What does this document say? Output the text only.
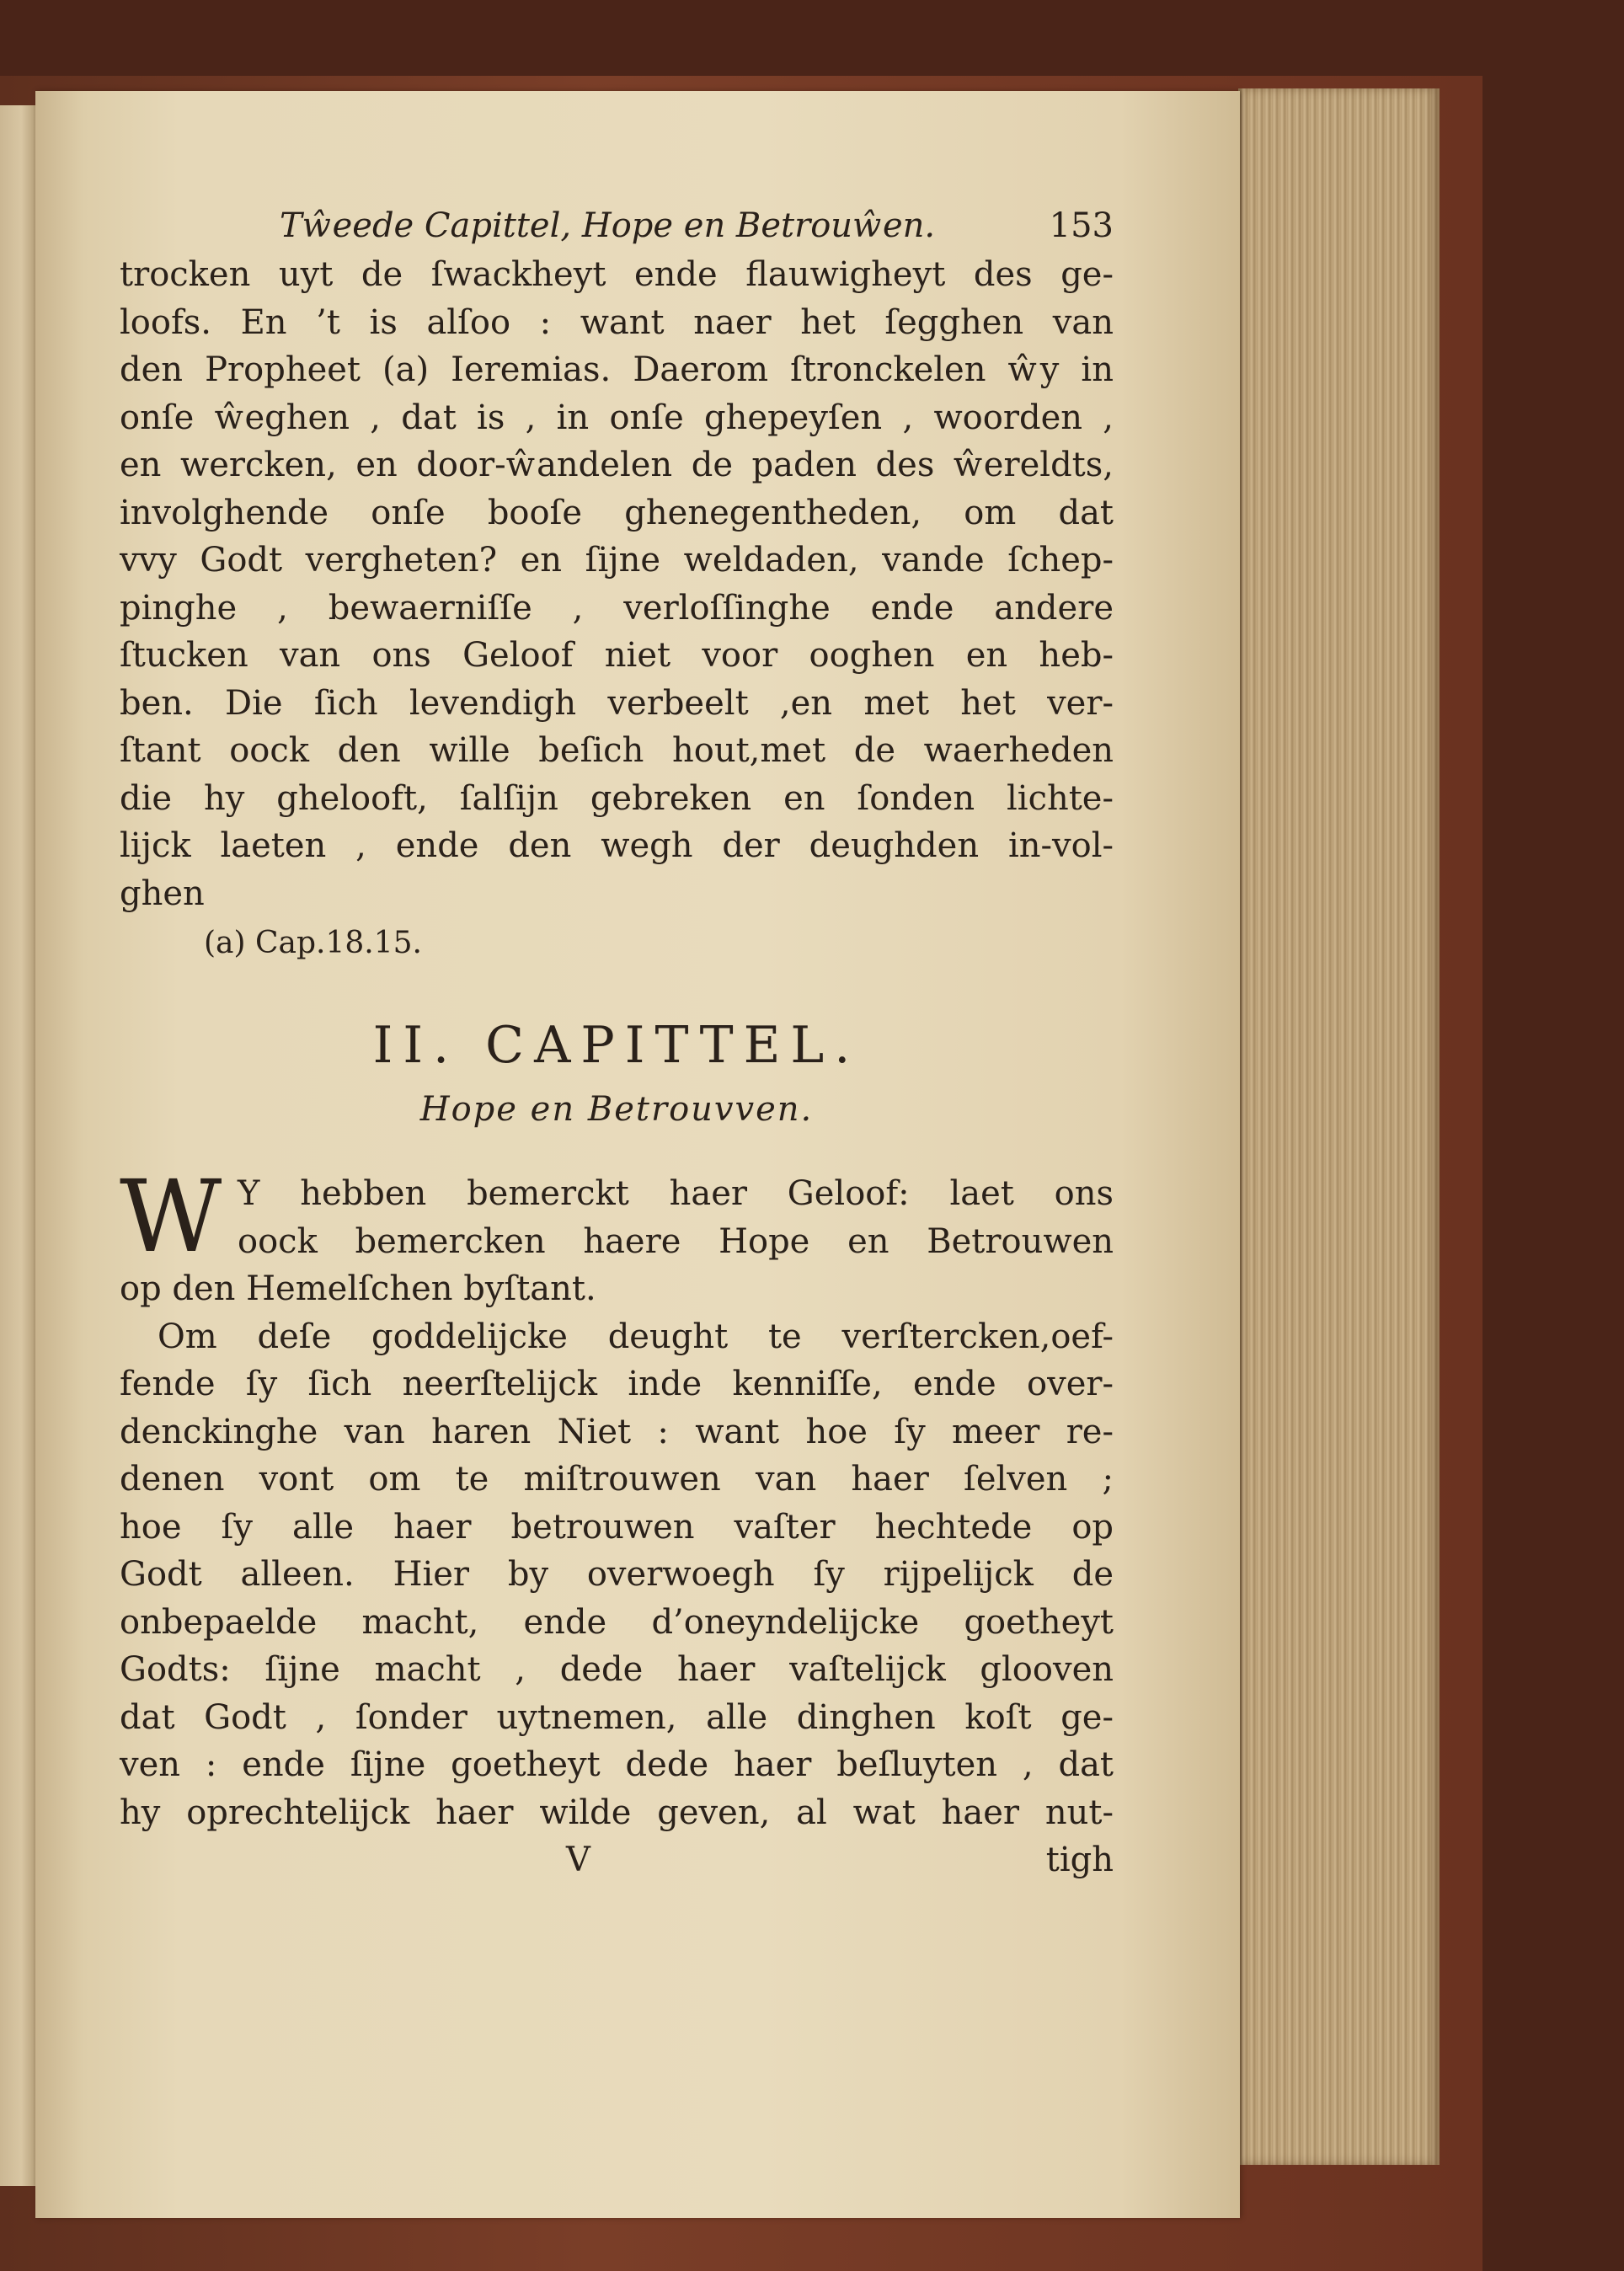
Tŵeede Capittel, Hope en Betrouŵen.	153
trocken uyt de ſwackheyt ende flauwigheyt des ge-
loofs. En ’t is alſoo : want naer het ſegghen van
den Propheet (a) Ieremias. Daerom ſtronckelen ŵy in
onſe ŵeghen , dat is , in onſe ghepeyſen , woorden ,
en wercken, en door-ŵandelen de paden des ŵereldts,
involghende onſe booſe ghenegentheden, om dat
vvy Godt vergheten? en ſijne weldaden, vande ſchep-
pinghe , bewaerniſſe , verloſſinghe ende andere
ſtucken van ons Geloof niet voor ooghen en heb-
ben. Die ſich levendigh verbeelt ,en met het ver-
ſtant oock den wille beſich hout,met de waerheden
die hy ghelooft, ſalſijn gebreken en ſonden lichte-
lijck laeten , ende den wegh der deughden in-vol-
ghen
(a) Cap.18.15.
II. CAPITTEL.
Hope en Betrouvven.
W Y hebben bemerckt haer Geloof: laet ons
oock bemercken haere Hope en Betrouwen
op den Hemelſchen byſtant.
Om deſe goddelijcke deught te verſtercken,oef-
fende ſy ſich neerſtelijck inde kenniſſe, ende over-
denckinghe van haren Niet : want hoe ſy meer re-
denen vont om te miſtrouwen van haer ſelven ;
hoe ſy alle haer betrouwen vaſter hechtede op
Godt alleen. Hier by overwoegh ſy rijpelijck de
onbepaelde macht, ende d’oneyndelijcke goetheyt
Godts: ſijne macht , dede haer vaſtelijck glooven
dat Godt , ſonder uytnemen, alle dinghen koſt ge-
ven : ende ſijne goetheyt dede haer beſluyten , dat
hy oprechtelijck haer wilde geven, al wat haer nut-
V	tigh
